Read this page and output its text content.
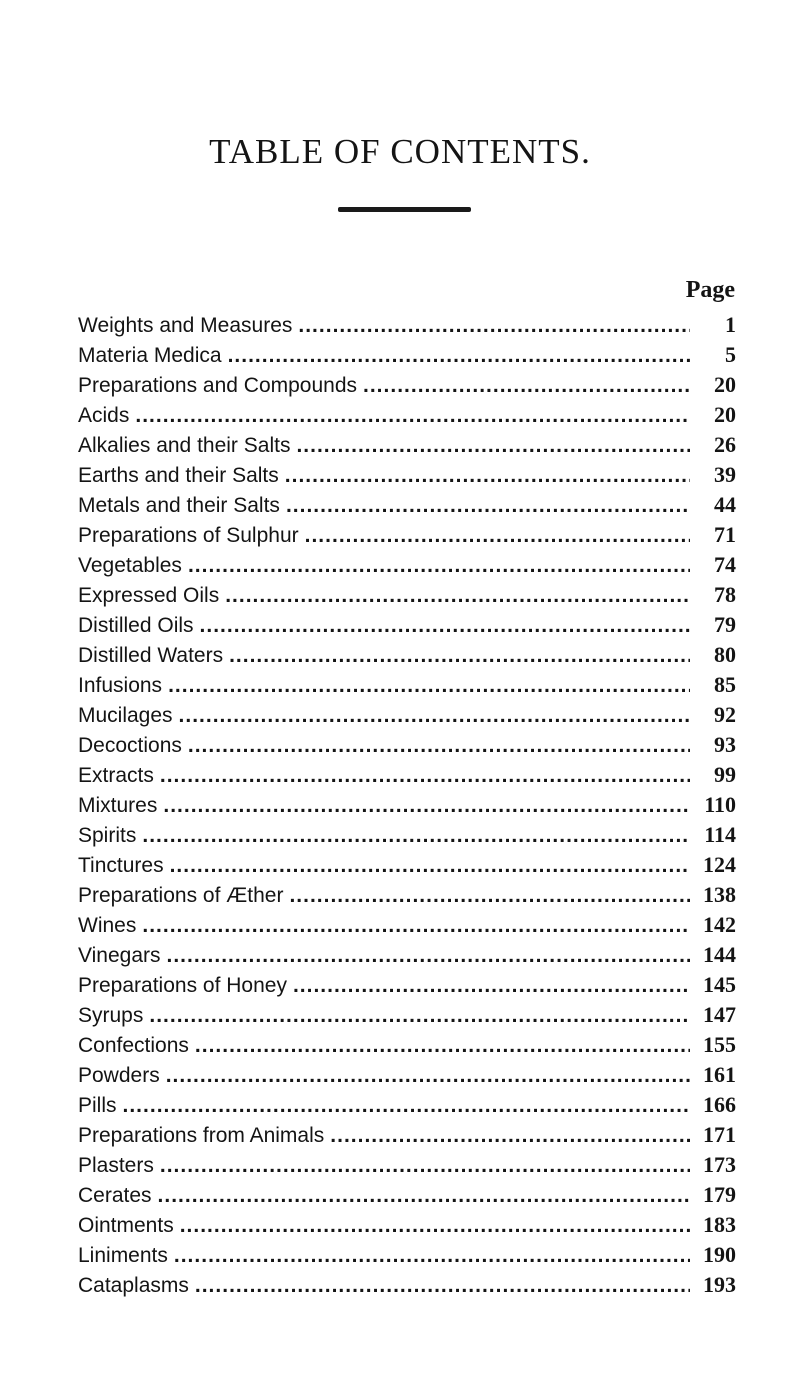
TABLE OF CONTENTS.
Page
Weights and Measures .....	1
Materia Medica .....	5
Preparations and Compounds .....	20
Acids .....	20
Alkalies and their Salts .....	26
Earths and their Salts .....	39
Metals and their Salts .....	44
Preparations of Sulphur .....	71
Vegetables .....	74
Expressed Oils .....	78
Distilled Oils .....	79
Distilled Waters .....	80
Infusions .....	85
Mucilages .....	92
Decoctions .....	93
Extracts .....	99
Mixtures .....	110
Spirits .....	114
Tinctures .....	124
Preparations of Æther .....	138
Wines .....	142
Vinegars .....	144
Preparations of Honey .....	145
Syrups .....	147
Confections .....	155
Powders .....	161
Pills .....	166
Preparations from Animals .....	171
Plasters .....	173
Cerates .....	179
Ointments .....	183
Liniments .....	190
Cataplasms .....	193
